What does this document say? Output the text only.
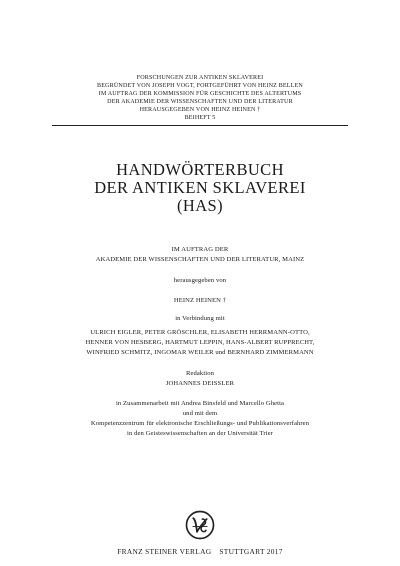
FORSCHUNGEN ZUR ANTIKEN SKLAVEREI
BEGRÜNDET VON JOSEPH VOGT, FORTGEFÜHRT VON HEINZ BELLEN
IM AUFTRAG DER KOMMISSION FÜR GESCHICHTE DES ALTERTUMS
DER AKADEMIE DER WISSENSCHAFTEN UND DER LITERATUR
HERAUSGEGEBEN VON HEINZ HEINEN †
BEIHEFT 5
HANDWÖRTERBUCH
DER ANTIKEN SKLAVEREI
(HAS)
IM AUFTRAG DER
AKADEMIE DER WISSENSCHAFTEN UND DER LITERATUR, MAINZ
herausgegeben von
HEINZ HEINEN †
in Verbindung mit
ULRICH EIGLER, PETER GRÖSCHLER, ELISABETH HERRMANN-OTTO,
HENNER VON HESBERG, HARTMUT LEPPIN, HANS-ALBERT RUPPRECHT,
WINFRIED SCHMITZ, INGOMAR WEILER und BERNHARD ZIMMERMANN
Redaktion
JOHANNES DEISSLER
in Zusammenarbeit mit Andrea Binsfeld und Marcello Ghetta
und mit dem
Kompetenzzentrum für elektronische Erschließungs- und Publikationsverfahren
in den Geisteswissenschaften an der Universität Trier
FRANZ STEINER VERLAG STUTTGART 2017
